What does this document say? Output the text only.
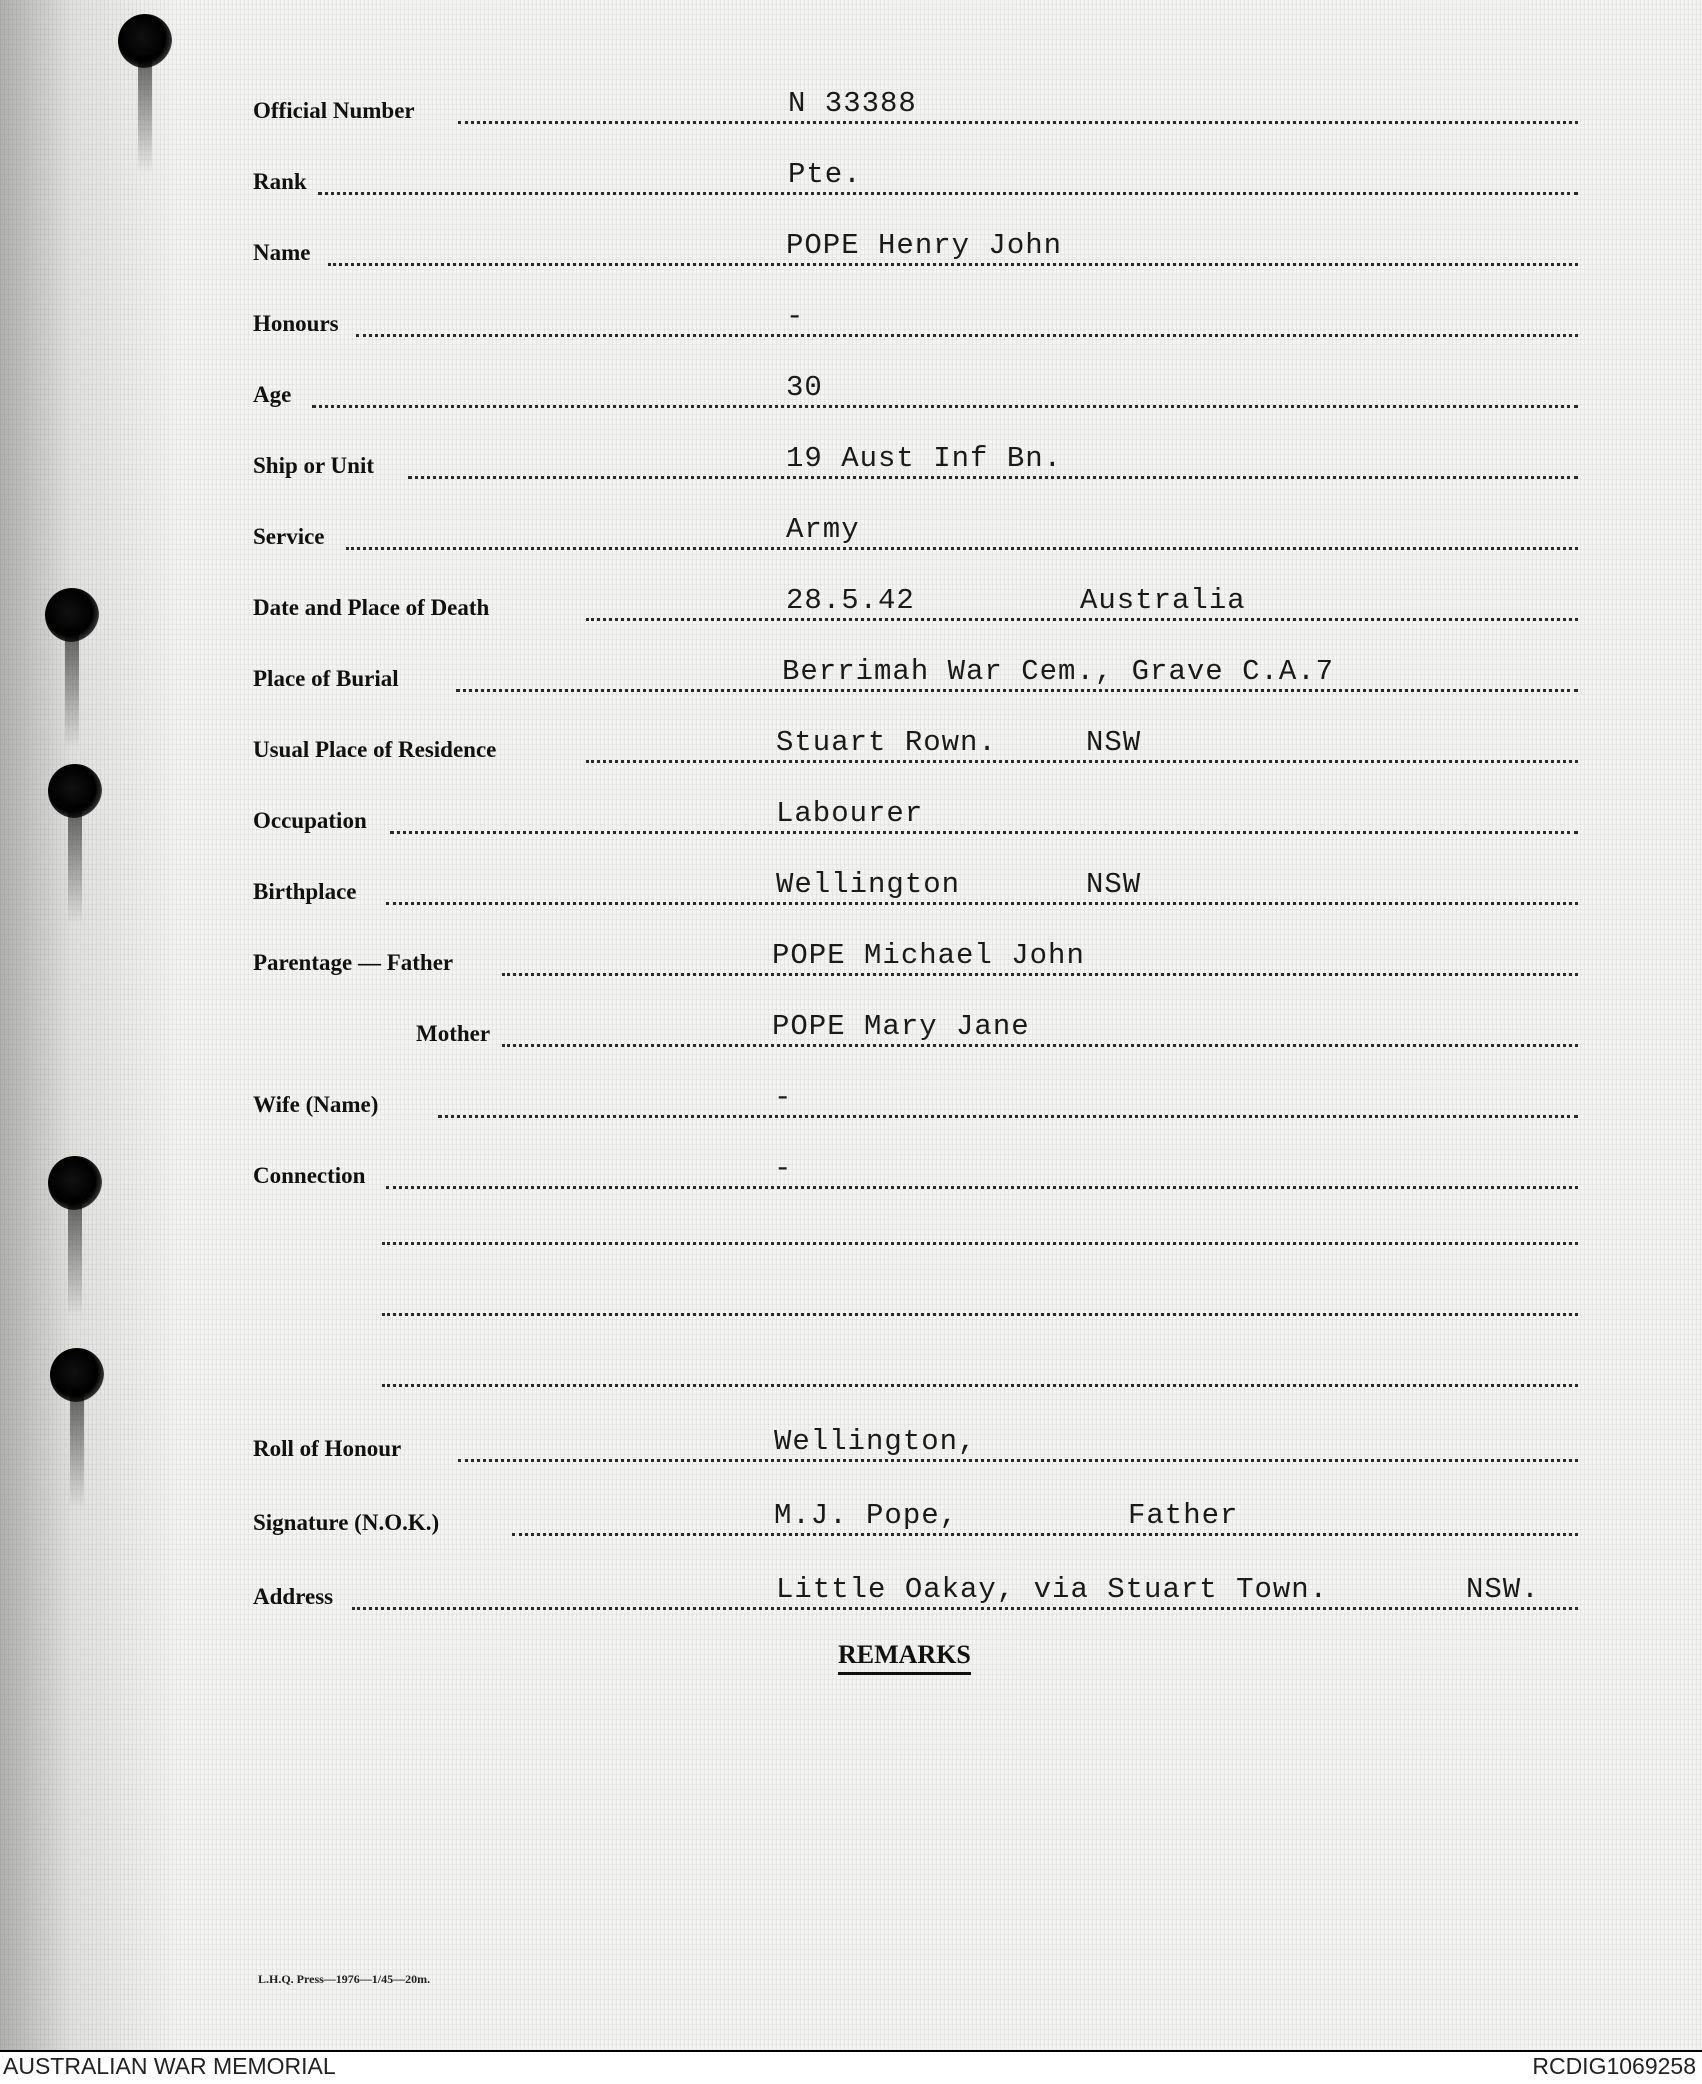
Official Number	N 33388
Rank	Pte.
Name	POPE Henry John
Honours	-
Age	30
Ship or Unit	19 Aust Inf Bn.
Service	Army
Date and Place of Death	28.5.42	Australia
Place of Burial	Berrimah War Cem., Grave C.A.7
Usual Place of Residence	Stuart Rown.	NSW
Occupation	Labourer
Birthplace	Wellington	NSW
Parentage — Father	POPE Michael John
Mother	POPE Mary Jane
Wife (Name)	-
Connection	-
Roll of Honour	Wellington,
Signature (N.O.K.)	M.J. Pope,	Father
Address	Little Oakay, via Stuart Town.	NSW.
REMARKS
L.H.Q. Press—1976—1/45—20m.
AUSTRALIAN WAR MEMORIAL	RCDIG1069258
